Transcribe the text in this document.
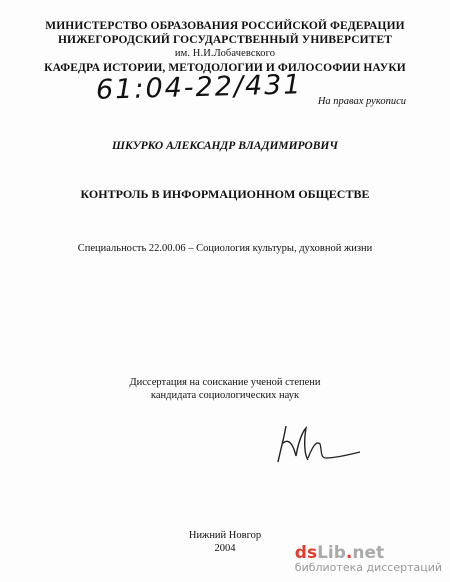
МИНИСТЕРСТВО ОБРАЗОВАНИЯ РОССИЙСКОЙ ФЕДЕРАЦИИ
НИЖЕГОРОДСКИЙ ГОСУДАРСТВЕННЫЙ УНИВЕРСИТЕТ
им. Н.И.Лобачевского
КАФЕДРА ИСТОРИИ, МЕТОДОЛОГИИ И ФИЛОСОФИИ НАУКИ
61:04-22/431 На правах рукописи
ШКУРКО АЛЕКСАНДР ВЛАДИМИРОВИЧ
КОНТРОЛЬ В ИНФОРМАЦИОННОМ ОБЩЕСТВЕ
Специальность 22.00.06 – Социология культуры, духовной жизни
Диссертация на соискание ученой степени
кандидата социологических наук
Нижний Новгор
2004	dsLib.net
библиотека диссертаций
